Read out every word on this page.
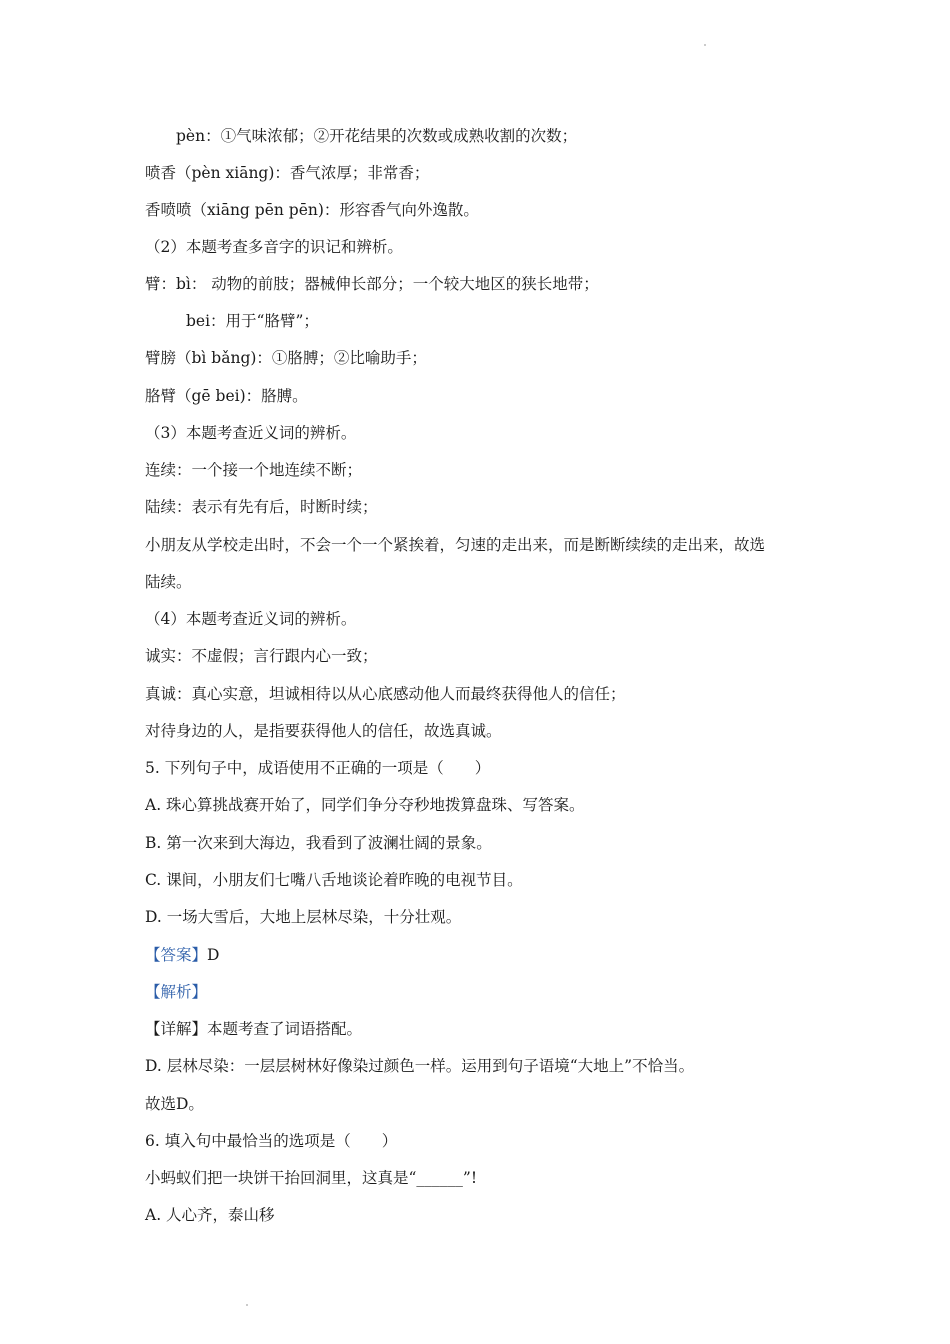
pèn：①气味浓郁；②开花结果的次数或成熟收割的次数；
喷香（pèn xiāng)：香气浓厚；非常香；
香喷喷（xiāng pēn pēn)：形容香气向外逸散。
（2）本题考查多音字的识记和辨析。
臂：bì： 动物的前肢；器械伸长部分；一个较大地区的狭长地带；
bei：用于“胳臂”；
臂膀（bì bǎng)：①胳膊；②比喻助手；
胳臂（gē bei)：胳膊。
（3）本题考查近义词的辨析。
连续：一个接一个地连续不断；
陆续：表示有先有后，时断时续；
小朋友从学校走出时，不会一个一个紧挨着，匀速的走出来，而是断断续续的走出来，故选
陆续。
（4）本题考查近义词的辨析。
诚实：不虚假；言行跟内心一致；
真诚：真心实意，坦诚相待以从心底感动他人而最终获得他人的信任；
对待身边的人，是指要获得他人的信任，故选真诚。
5. 下列句子中，成语使用不正确的一项是（　　）
A. 珠心算挑战赛开始了，同学们争分夺秒地拨算盘珠、写答案。
B. 第一次来到大海边，我看到了波澜壮阔的景象。
C. 课间，小朋友们七嘴八舌地谈论着昨晚的电视节目。
D. 一场大雪后，大地上层林尽染，十分壮观。
【答案】D
【解析】
【详解】本题考查了词语搭配。
D. 层林尽染：一层层树林好像染过颜色一样。运用到句子语境“大地上”不恰当。
故选D。
6. 填入句中最恰当的选项是（　　）
小蚂蚁们把一块饼干抬回洞里，这真是“______”!
A. 人心齐，泰山移
